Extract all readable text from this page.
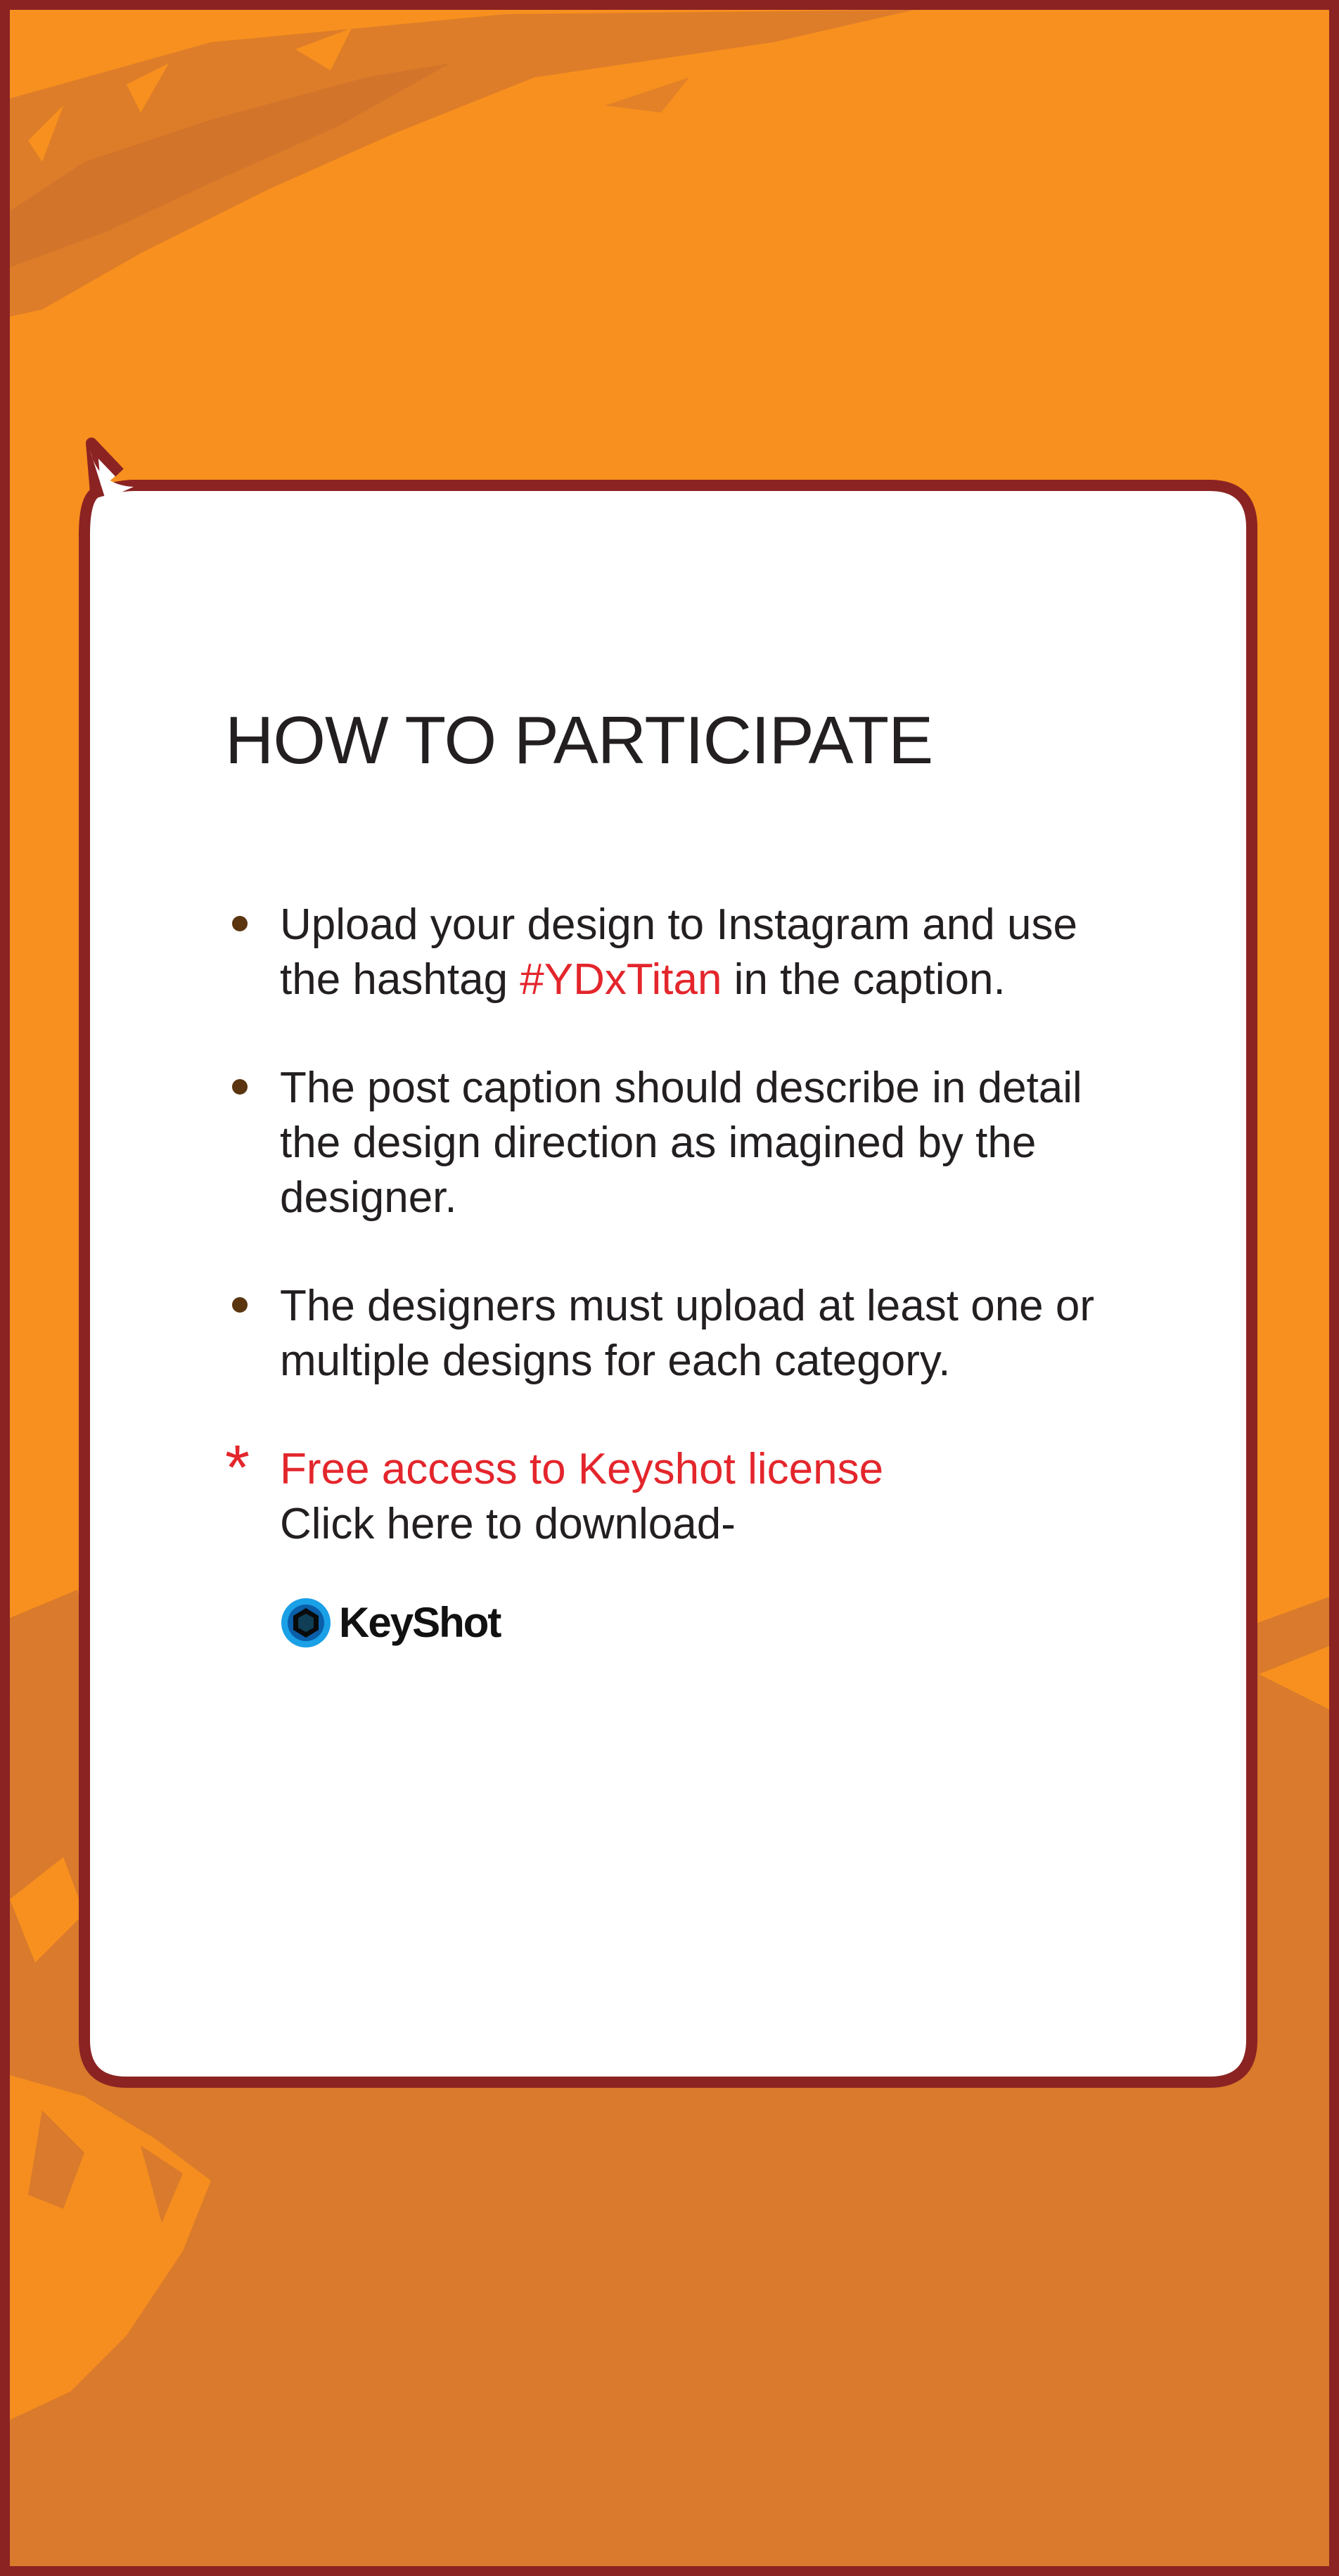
HOW TO PARTICIPATE
Upload your design to Instagram and use the hashtag #YDxTitan in the caption.
The post caption should describe in detail the design direction as imagined by the designer.
The designers must upload at least one or multiple designs for each category.
* Free access to Keyshot license
Click here to download-
KeyShot
